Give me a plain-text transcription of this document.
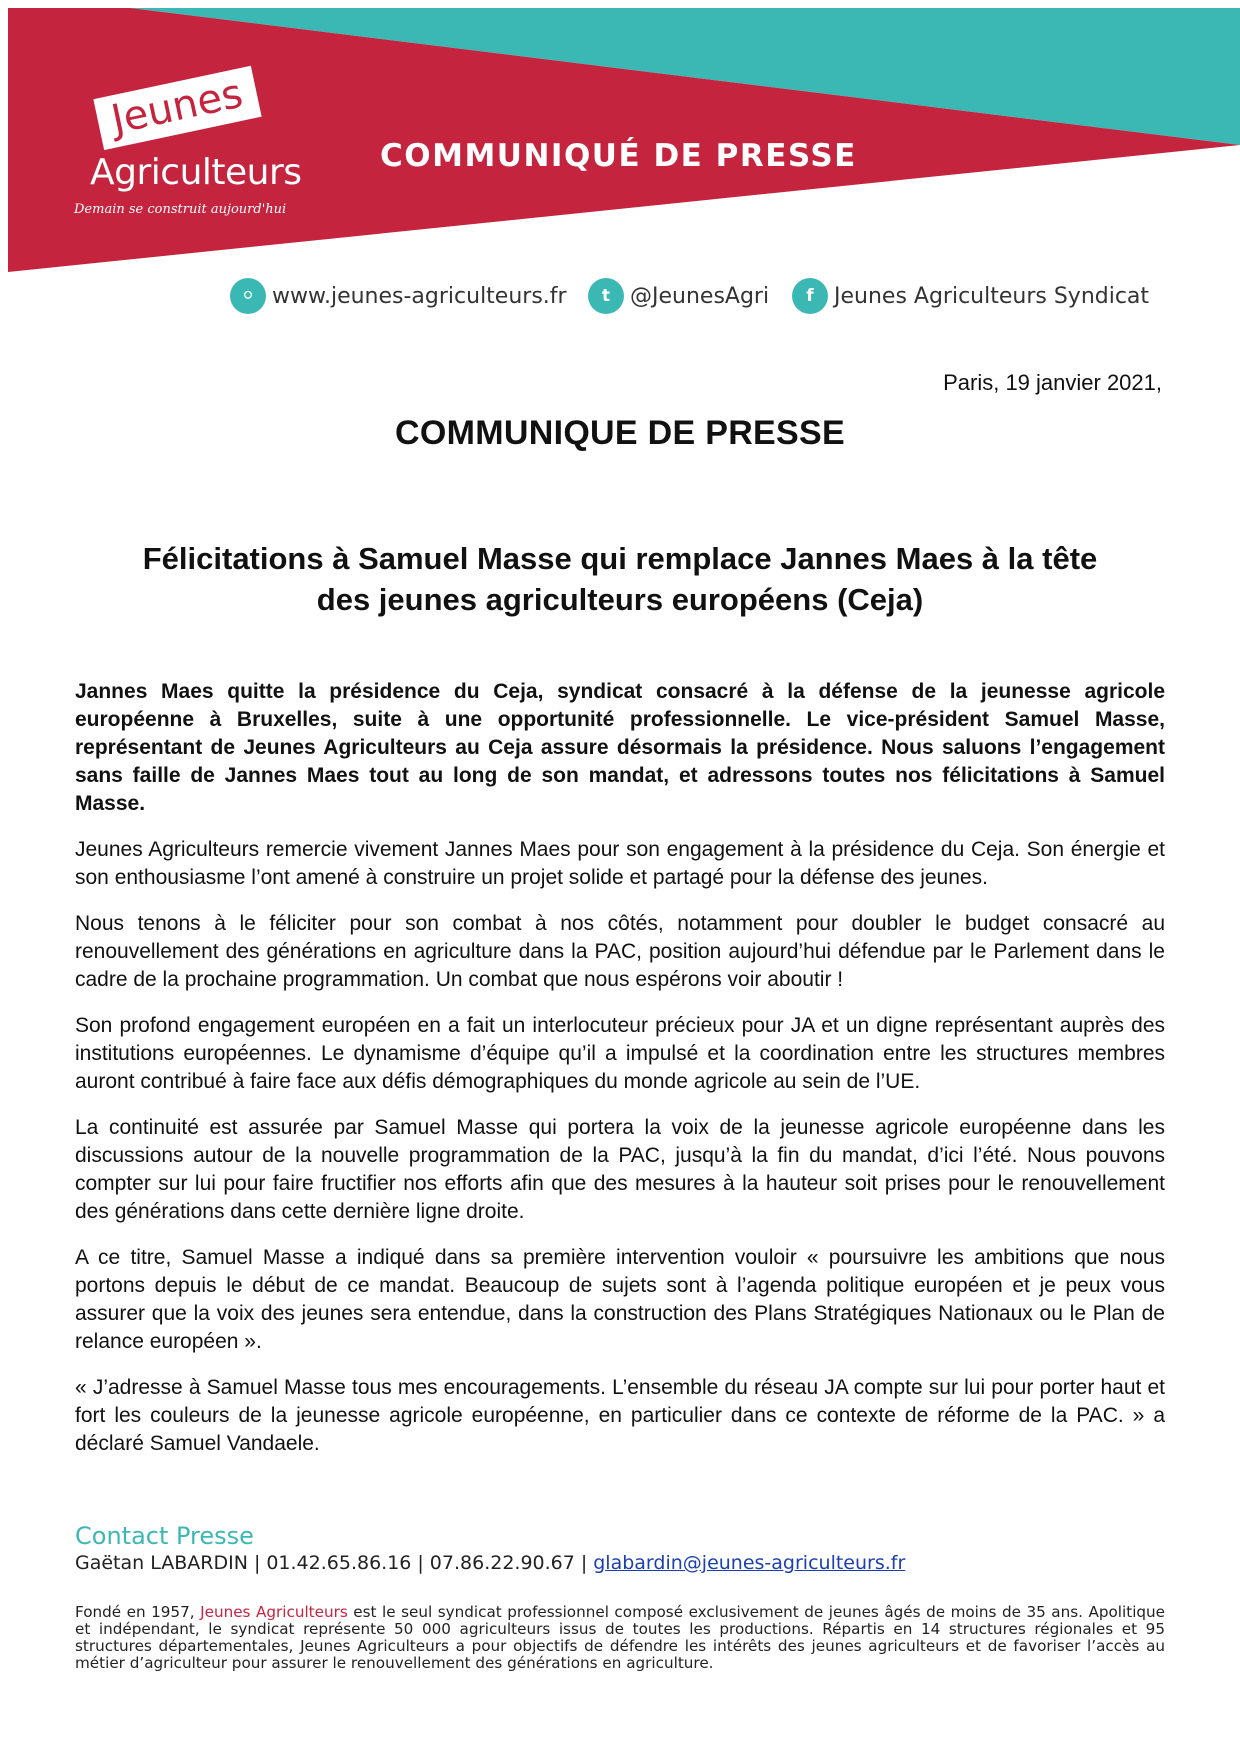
Jeunes
Agriculteurs
Demain se construit aujourd'hui
COMMUNIQUÉ DE PRESSE
⚪ www.jeunes-agriculteurs.fr	t @JeunesAgri	f Jeunes Agriculteurs Syndicat
Paris, 19 janvier 2021,
COMMUNIQUE DE PRESSE
Félicitations à Samuel Masse qui remplace Jannes Maes à la tête
des jeunes agriculteurs européens (Ceja)

Jannes Maes quitte la présidence du Ceja, syndicat consacré à la défense de la jeunesse agricole européenne à Bruxelles, suite à une opportunité professionnelle. Le vice-président Samuel Masse, représentant de Jeunes Agriculteurs au Ceja assure désormais la présidence. Nous saluons l’engagement sans faille de Jannes Maes tout au long de son mandat, et adressons toutes nos félicitations à Samuel Masse.

Jeunes Agriculteurs remercie vivement Jannes Maes pour son engagement à la présidence du Ceja. Son énergie et son enthousiasme l’ont amené à construire un projet solide et partagé pour la défense des jeunes.

Nous tenons à le féliciter pour son combat à nos côtés, notamment pour doubler le budget consacré au renouvellement des générations en agriculture dans la PAC, position aujourd’hui défendue par le Parlement dans le cadre de la prochaine programmation. Un combat que nous espérons voir aboutir !

Son profond engagement européen en a fait un interlocuteur précieux pour JA et un digne représentant auprès des institutions européennes. Le dynamisme d’équipe qu’il a impulsé et la coordination entre les structures membres auront contribué à faire face aux défis démographiques du monde agricole au sein de l’UE.

La continuité est assurée par Samuel Masse qui portera la voix de la jeunesse agricole européenne dans les discussions autour de la nouvelle programmation de la PAC, jusqu’à la fin du mandat, d’ici l’été. Nous pouvons compter sur lui pour faire fructifier nos efforts afin que des mesures à la hauteur soit prises pour le renouvellement des générations dans cette dernière ligne droite.

A ce titre, Samuel Masse a indiqué dans sa première intervention vouloir « poursuivre les ambitions que nous portons depuis le début de ce mandat. Beaucoup de sujets sont à l’agenda politique européen et je peux vous assurer que la voix des jeunes sera entendue, dans la construction des Plans Stratégiques Nationaux ou le Plan de relance européen ».

« J’adresse à Samuel Masse tous mes encouragements. L’ensemble du réseau JA compte sur lui pour porter haut et fort les couleurs de la jeunesse agricole européenne, en particulier dans ce contexte de réforme de la PAC. » a déclaré Samuel Vandaele.

Contact Presse
Gaëtan LABARDIN | 01.42.65.86.16 | 07.86.22.90.67 | glabardin@jeunes-agriculteurs.fr
Fondé en 1957, Jeunes Agriculteurs est le seul syndicat professionnel composé exclusivement de jeunes âgés de moins de 35 ans. Apolitique et indépendant, le syndicat représente 50 000 agriculteurs issus de toutes les productions. Répartis en 14 structures régionales et 95 structures départementales, Jeunes Agriculteurs a pour objectifs de défendre les intérêts des jeunes agriculteurs et de favoriser l’accès au métier d’agriculteur pour assurer le renouvellement des générations en agriculture.
